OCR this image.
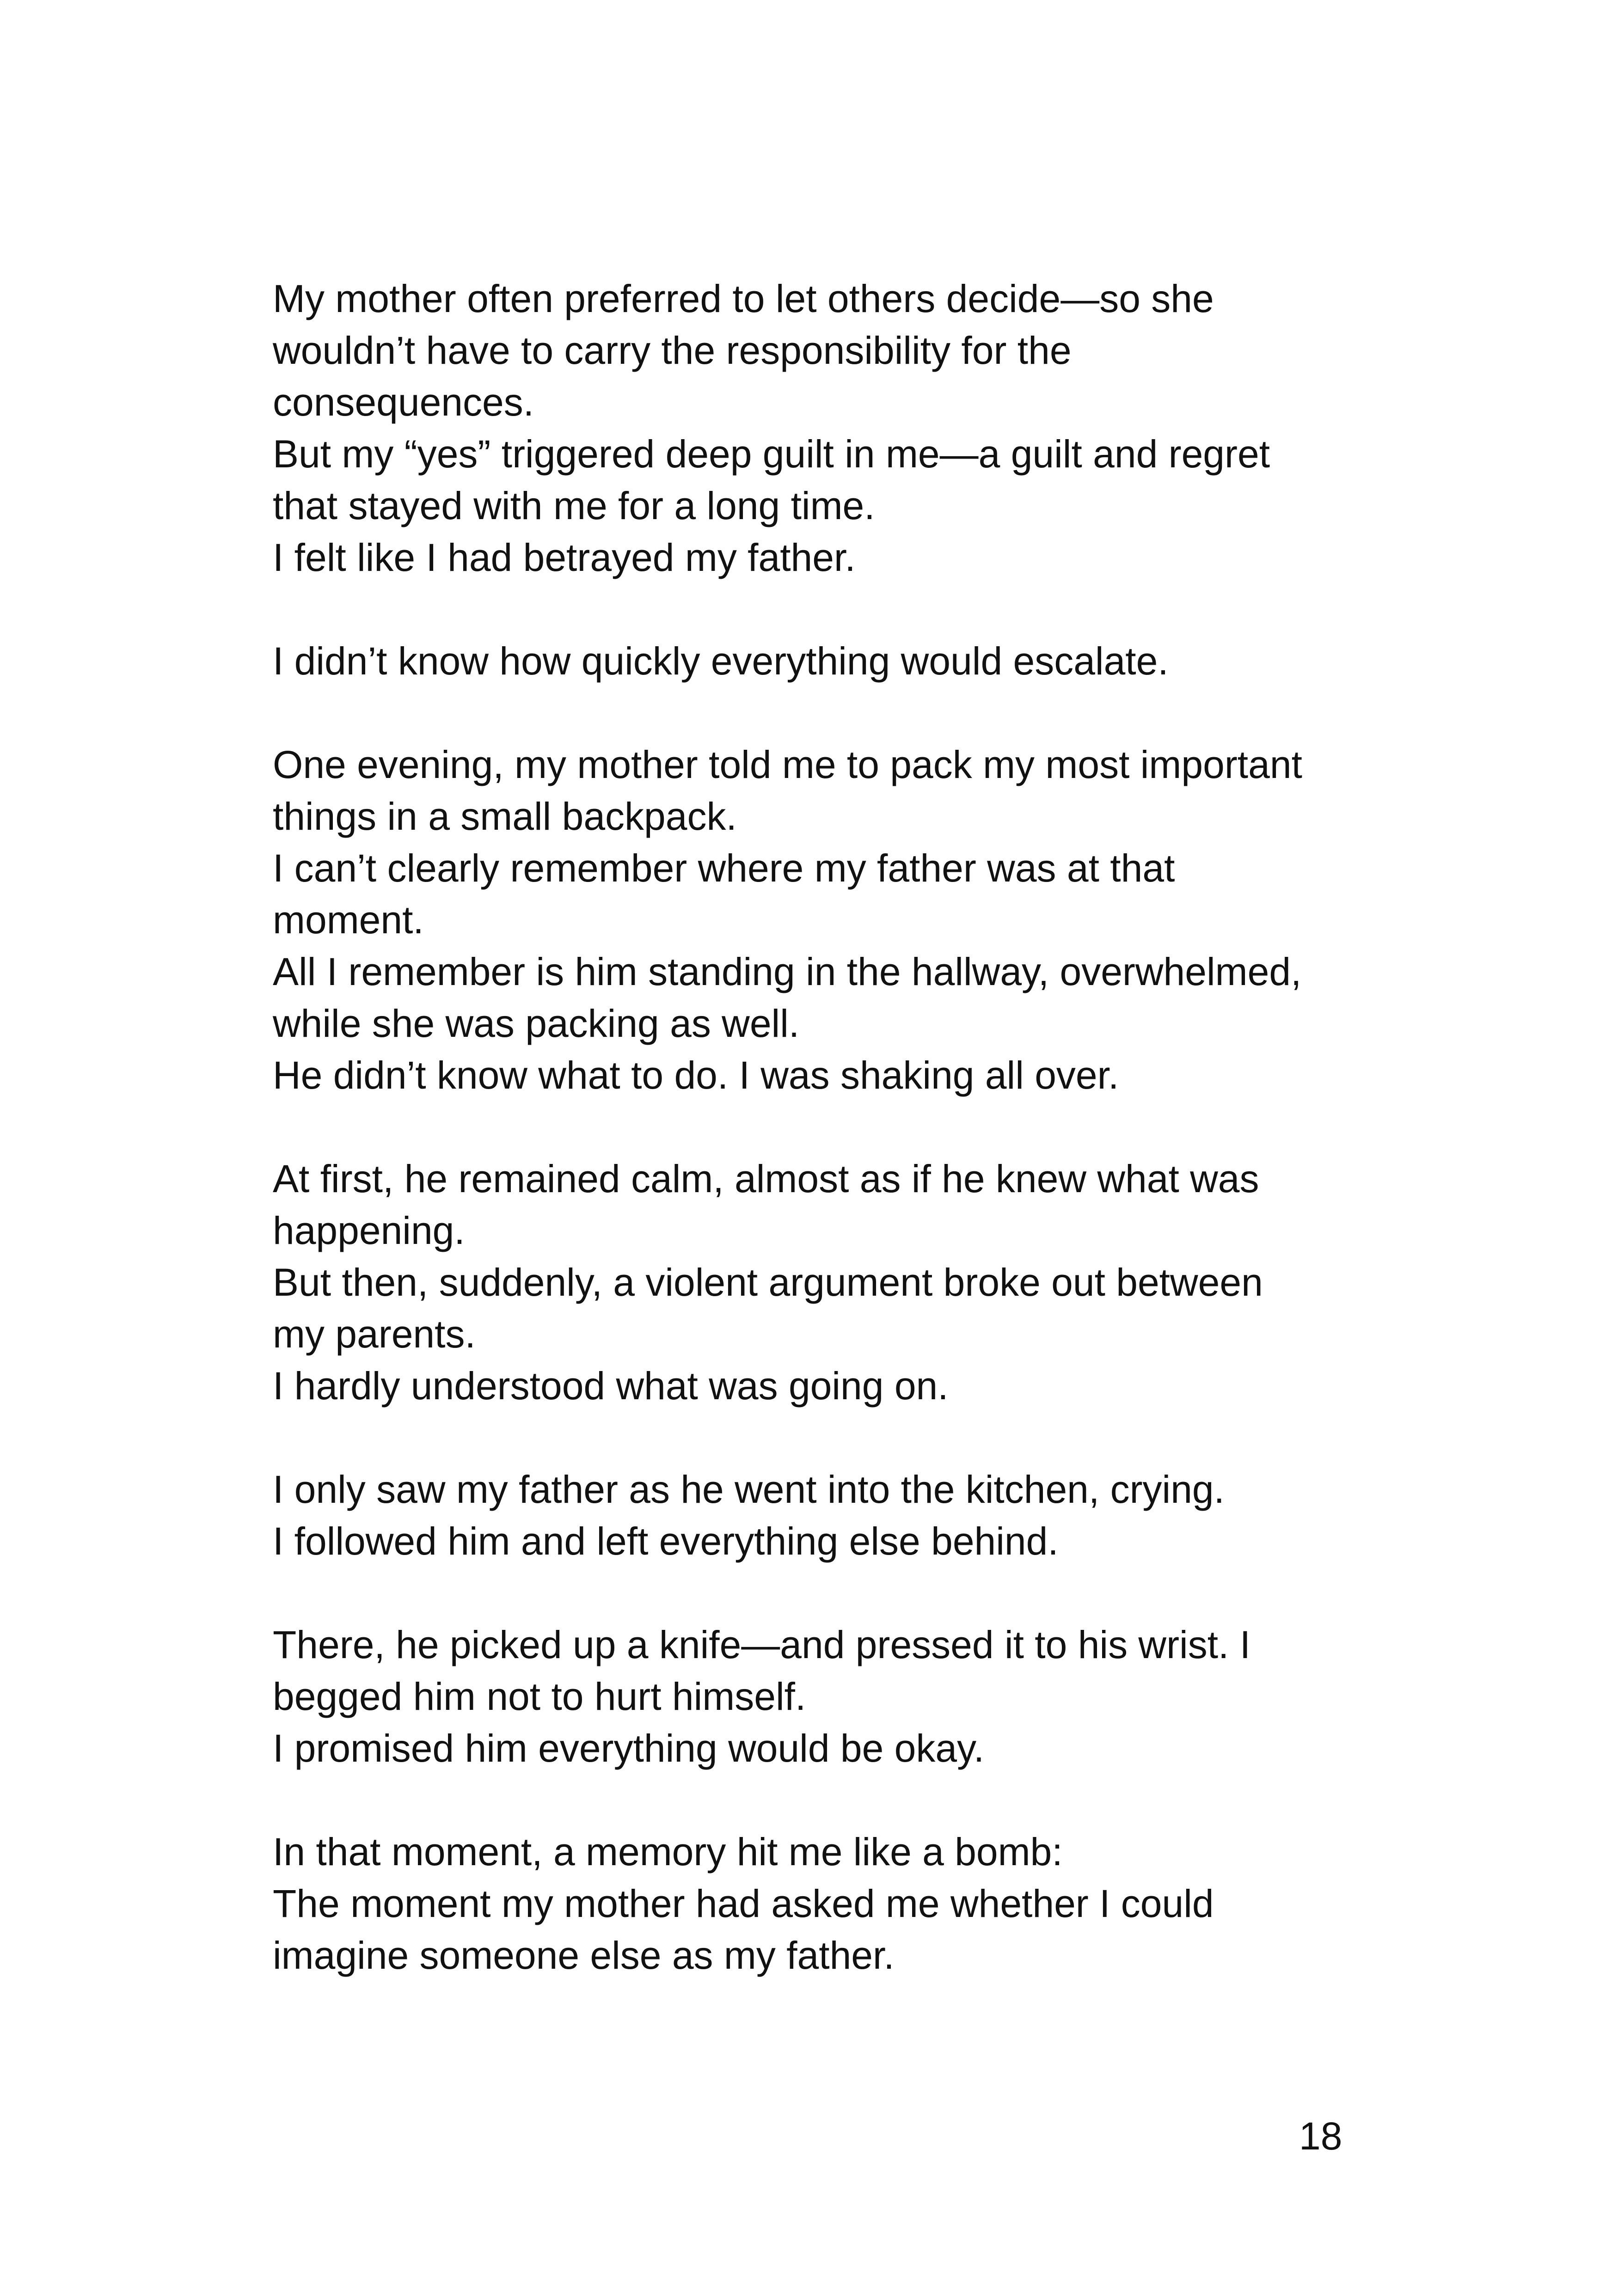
My mother often preferred to let others decide—so she
wouldn’t have to carry the responsibility for the
consequences.
But my “yes” triggered deep guilt in me—a guilt and regret
that stayed with me for a long time.
I felt like I had betrayed my father.
I didn’t know how quickly everything would escalate.
One evening, my mother told me to pack my most important
things in a small backpack.
I can’t clearly remember where my father was at that
moment.
All I remember is him standing in the hallway, overwhelmed,
while she was packing as well.
He didn’t know what to do. I was shaking all over.
At first, he remained calm, almost as if he knew what was
happening.
But then, suddenly, a violent argument broke out between
my parents.
I hardly understood what was going on.
I only saw my father as he went into the kitchen, crying.
I followed him and left everything else behind.
There, he picked up a knife—and pressed it to his wrist. I
begged him not to hurt himself.
I promised him everything would be okay.
In that moment, a memory hit me like a bomb:
The moment my mother had asked me whether I could
imagine someone else as my father.
18
